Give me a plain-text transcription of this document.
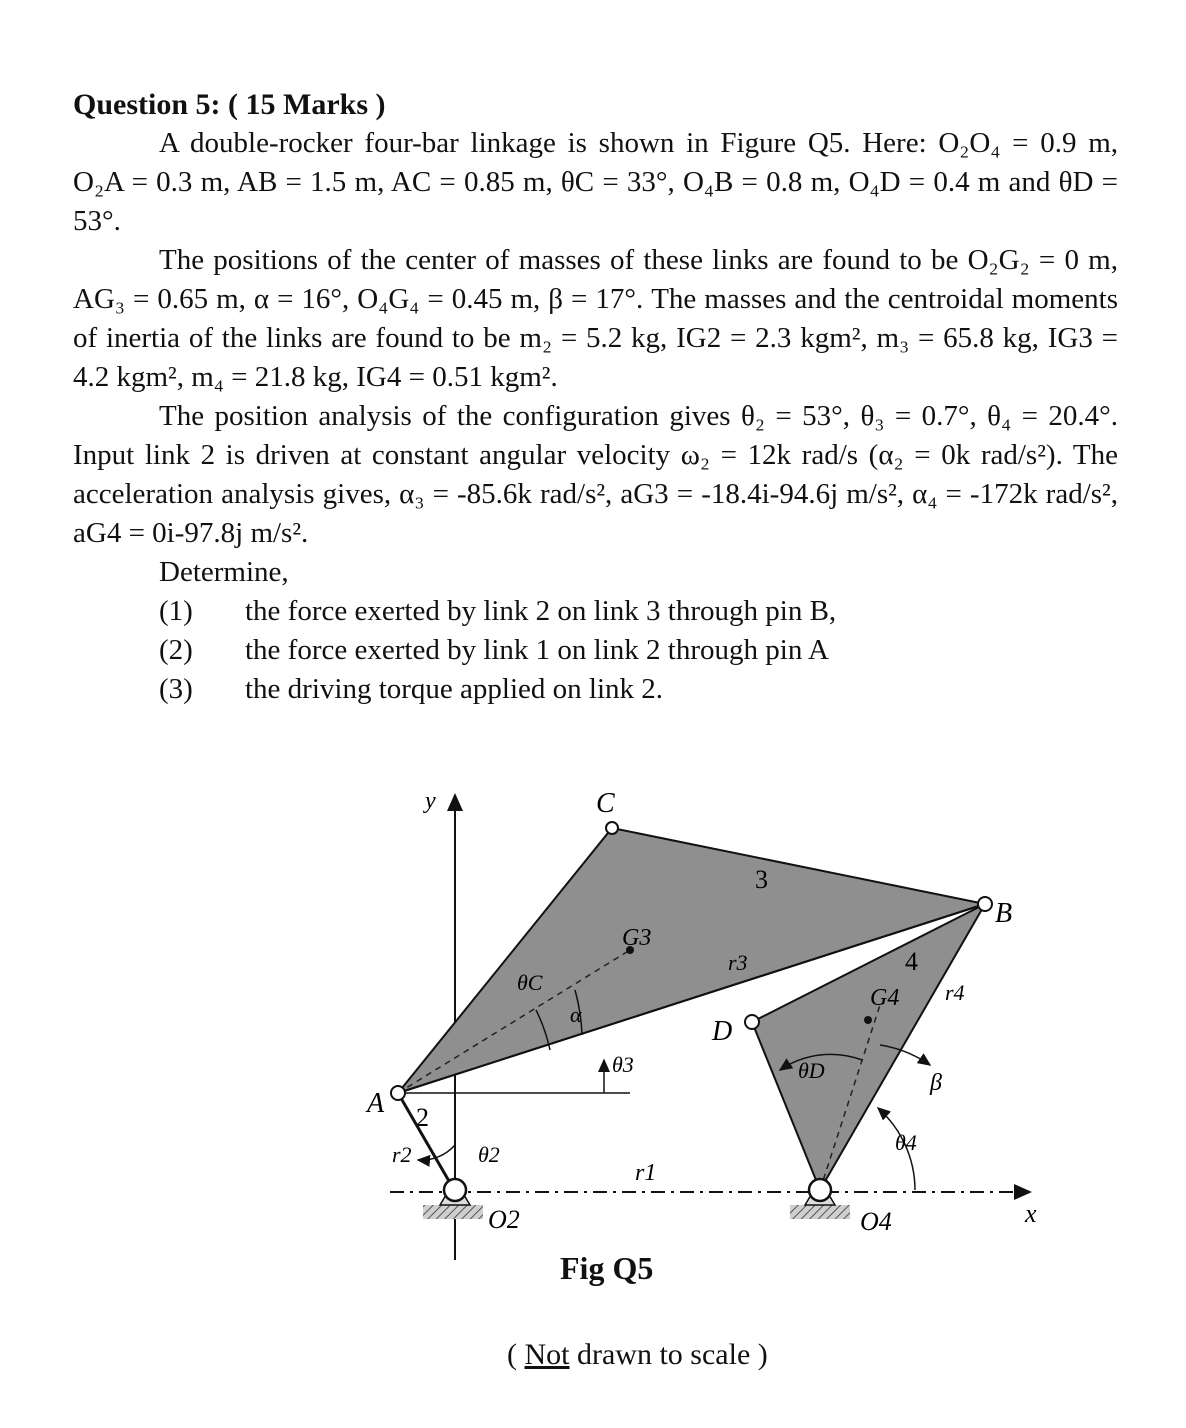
Question 5: ( 15 Marks )

A double-rocker four-bar linkage is shown in Figure Q5. Here: O₂O₄ = 0.9 m, O₂A = 0.3 m, AB = 1.5 m, AC = 0.85 m, θC = 33°, O₄B = 0.8 m, O₄D = 0.4 m and θD = 53°.

The positions of the center of masses of these links are found to be O₂G₂ = 0 m, AG₃ = 0.65 m, α = 16°, O₄G₄ = 0.45 m, β = 17°. The masses and the centroidal moments of inertia of the links are found to be m₂ = 5.2 kg, IG2 = 2.3 kgm², m₃ = 65.8 kg, IG3 = 4.2 kgm², m₄ = 21.8 kg, IG4 = 0.51 kgm².

The position analysis of the configuration gives θ₂ = 53°, θ₃ = 0.7°, θ₄ = 20.4°. Input link 2 is driven at constant angular velocity ω₂ = 12k rad/s (α₂ = 0k rad/s²). The acceleration analysis gives, α₃ = -85.6k rad/s², aG3 = -18.4i-94.6j m/s², α₄ = -172k rad/s², aG4 = 0i-97.8j m/s².

Determine,
(1)	the force exerted by link 2 on link 3 through pin B,
(2)	the force exerted by link 1 on link 2 through pin A
(3)	the driving torque applied on link 2.
y
x
C
B
A
D
3
4
2
G3
G4
O2	O4
r1
r2
r3
r4
θC
α
θ3
θ2
θD	β
θ4
Fig Q5
( Not drawn to scale )
